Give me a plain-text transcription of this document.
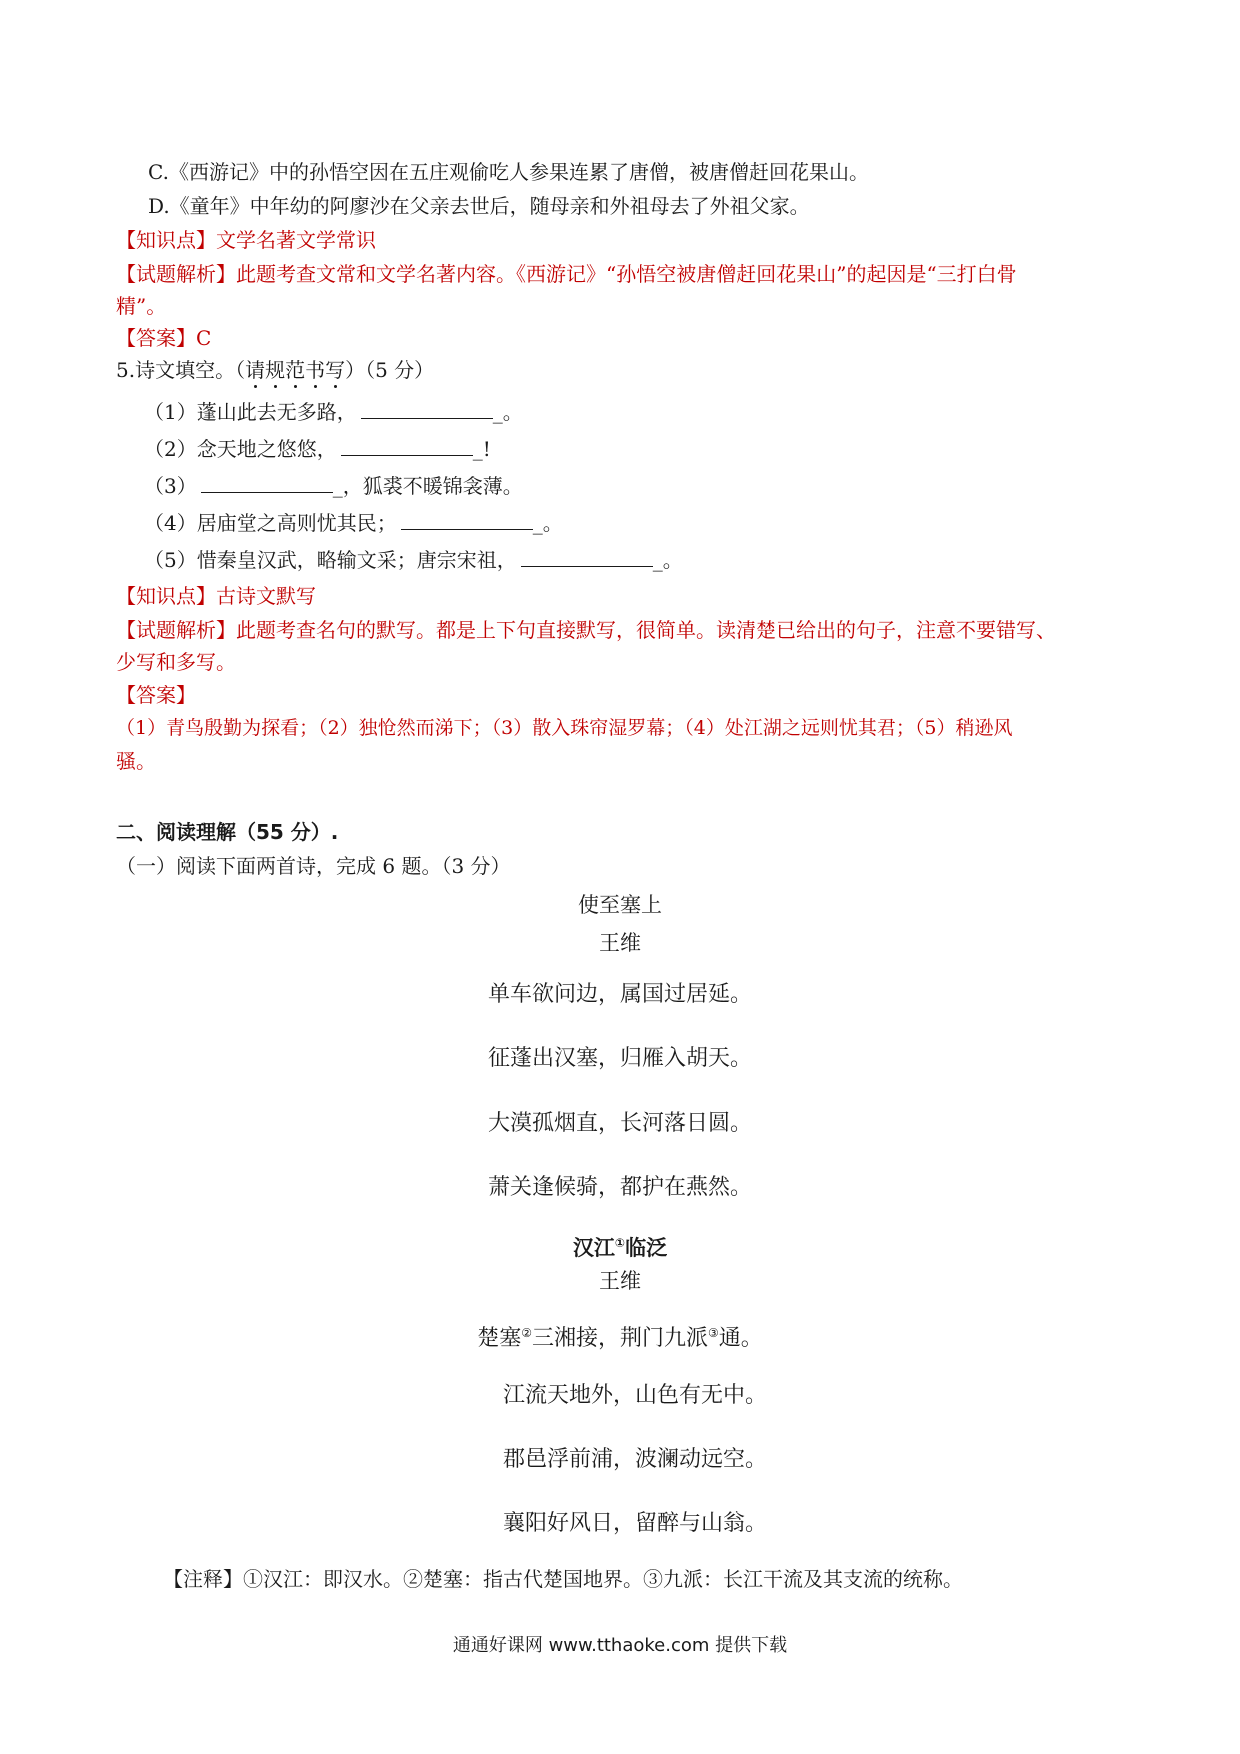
C.《西游记》中的孙悟空因在五庄观偷吃人参果连累了唐僧，被唐僧赶回花果山。
D.《童年》中年幼的阿廖沙在父亲去世后，随母亲和外祖母去了外祖父家。
【知识点】文学名著文学常识
【试题解析】此题考查文常和文学名著内容。《西游记》“孙悟空被唐僧赶回花果山”的起因是“三打白骨
精”。
【答案】C
5.诗文填空。（请规范书写）（5 分）
（1）蓬山此去无多路，	_。
（2）念天地之悠悠，	_!
（3）	_，狐裘不暖锦衾薄。
（4）居庙堂之高则忧其民；	_。
（5）惜秦皇汉武，略输文采；唐宗宋祖，	_。
【知识点】古诗文默写
【试题解析】此题考查名句的默写。都是上下句直接默写，很简单。读清楚已给出的句子，注意不要错写、
少写和多写。
【答案】
（1）青鸟殷勤为探看；（2）独怆然而涕下；（3）散入珠帘湿罗幕；（4）处江湖之远则忧其君；（5）稍逊风
骚。
二、阅读理解（55 分）.
（一）阅读下面两首诗，完成 6 题。（3 分）
使至塞上
王维
单车欲问边，属国过居延。
征蓬出汉塞，归雁入胡天。
大漠孤烟直，长河落日圆。
萧关逢候骑，都护在燕然。
汉江①临泛
王维
楚塞②三湘接，荆门九派③通。
江流天地外，山色有无中。
郡邑浮前浦，波澜动远空。
襄阳好风日，留醉与山翁。
【注释】①汉江：即汉水。②楚塞：指古代楚国地界。③九派：长江干流及其支流的统称。
通通好课网 www.tthaoke.com 提供下载
